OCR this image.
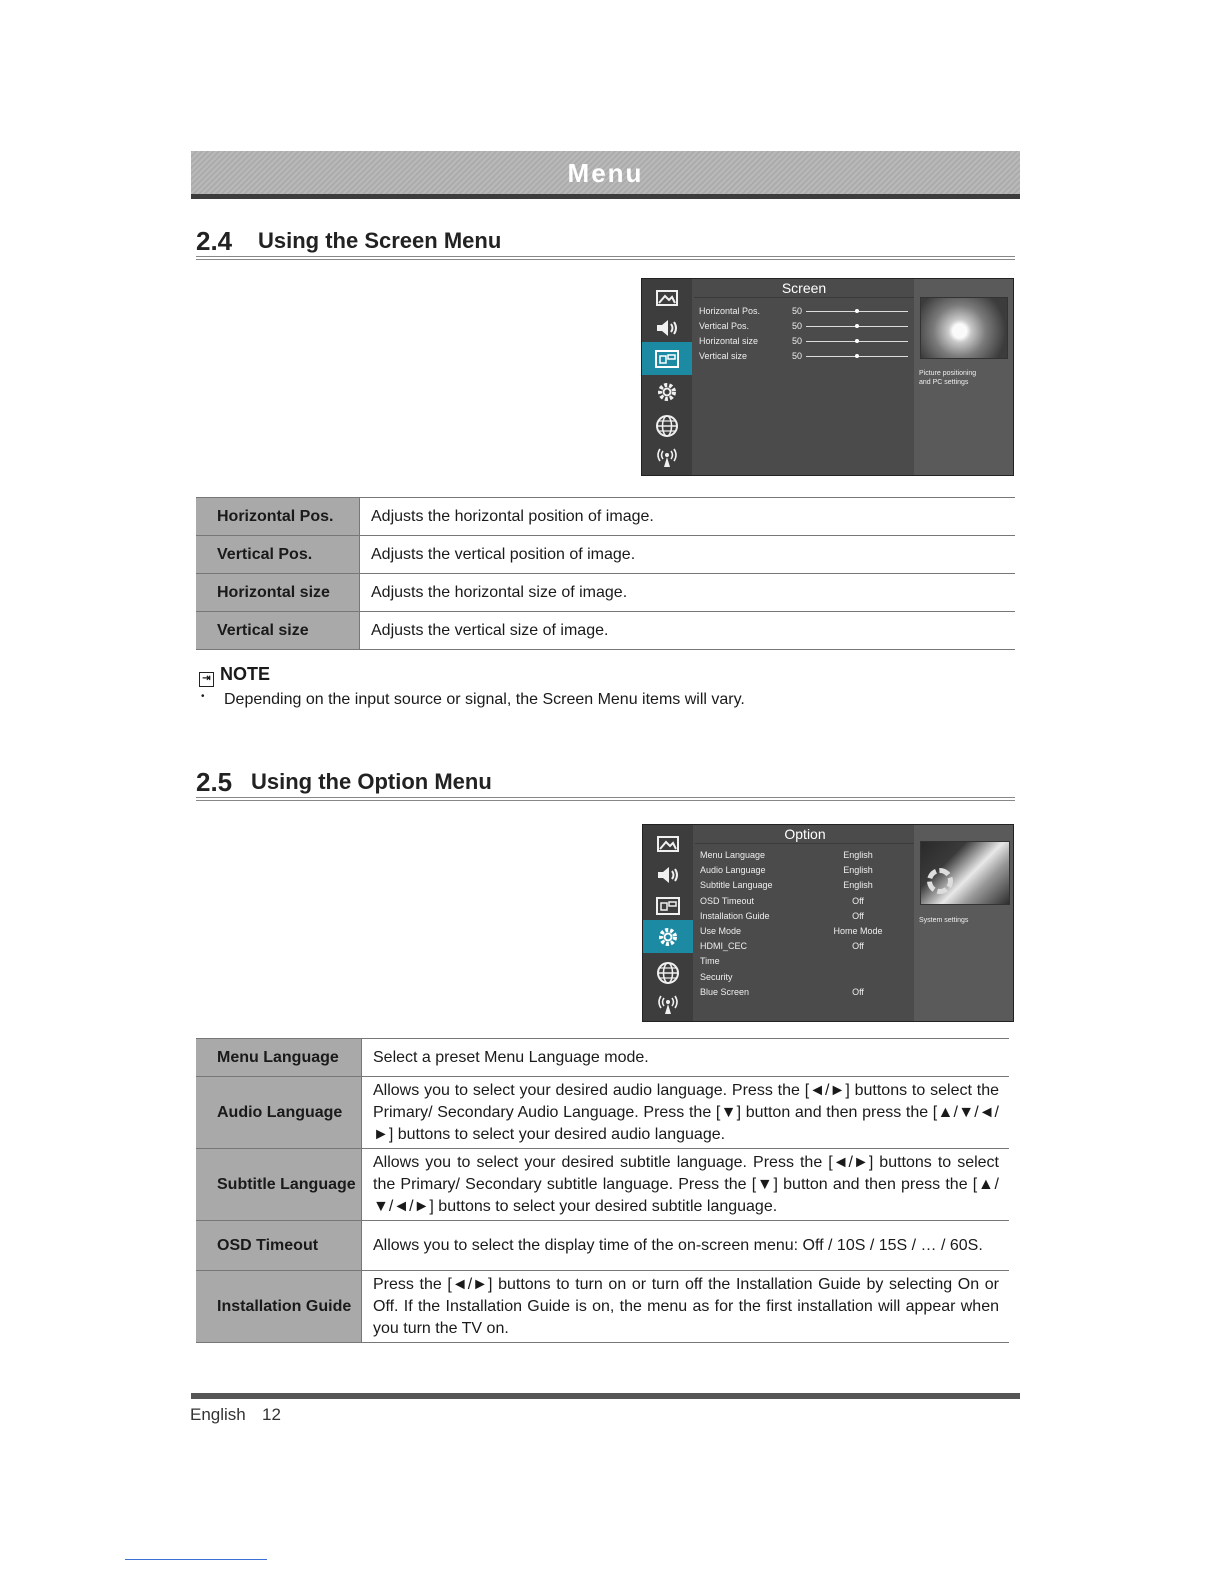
Menu
2.4 Using the Screen Menu
Screen
Horizontal Pos.	50
Vertical Pos.	50
Horizontal size	50
Vertical size	50
Picture positioning
and PC settings
Horizontal Pos.	Adjusts the horizontal position of image.
Vertical Pos.	Adjusts the vertical position of image.
Horizontal size	Adjusts the horizontal size of image.
Vertical size	Adjusts the vertical size of image.
⇥ NOTE
• Depending on the input source or signal, the Screen Menu items will vary.
2.5 Using the Option Menu
Option
Menu Language	English
Audio Language	English
Subtitle Language	English
OSD Timeout	Off
Installation Guide	Off
Use Mode	Home Mode
HDMI_CEC	Off
Time
Security
Blue Screen	Off
System settings
Menu Language	Select a preset Menu Language mode.
Audio Language	Allows you to select your desired audio language. Press the [◄/►] buttons to select the Primary/ Secondary Audio Language. Press the [▼] button and then press the [▲/▼/◄/►] buttons to select your desired audio language.
Subtitle Language	Allows you to select your desired subtitle language. Press the [◄/►] buttons to select the Primary/ Secondary subtitle language. Press the [▼] button and then press the [▲/▼/◄/►] buttons to select your desired subtitle language.
OSD Timeout	Allows you to select the display time of the on-screen menu: Off / 10S / 15S / … / 60S.
Installation Guide	Press the [◄/►] buttons to turn on or turn off the Installation Guide by selecting On or Off. If the Installation Guide is on, the menu as for the first installation will appear when you turn the TV on.
English 12
